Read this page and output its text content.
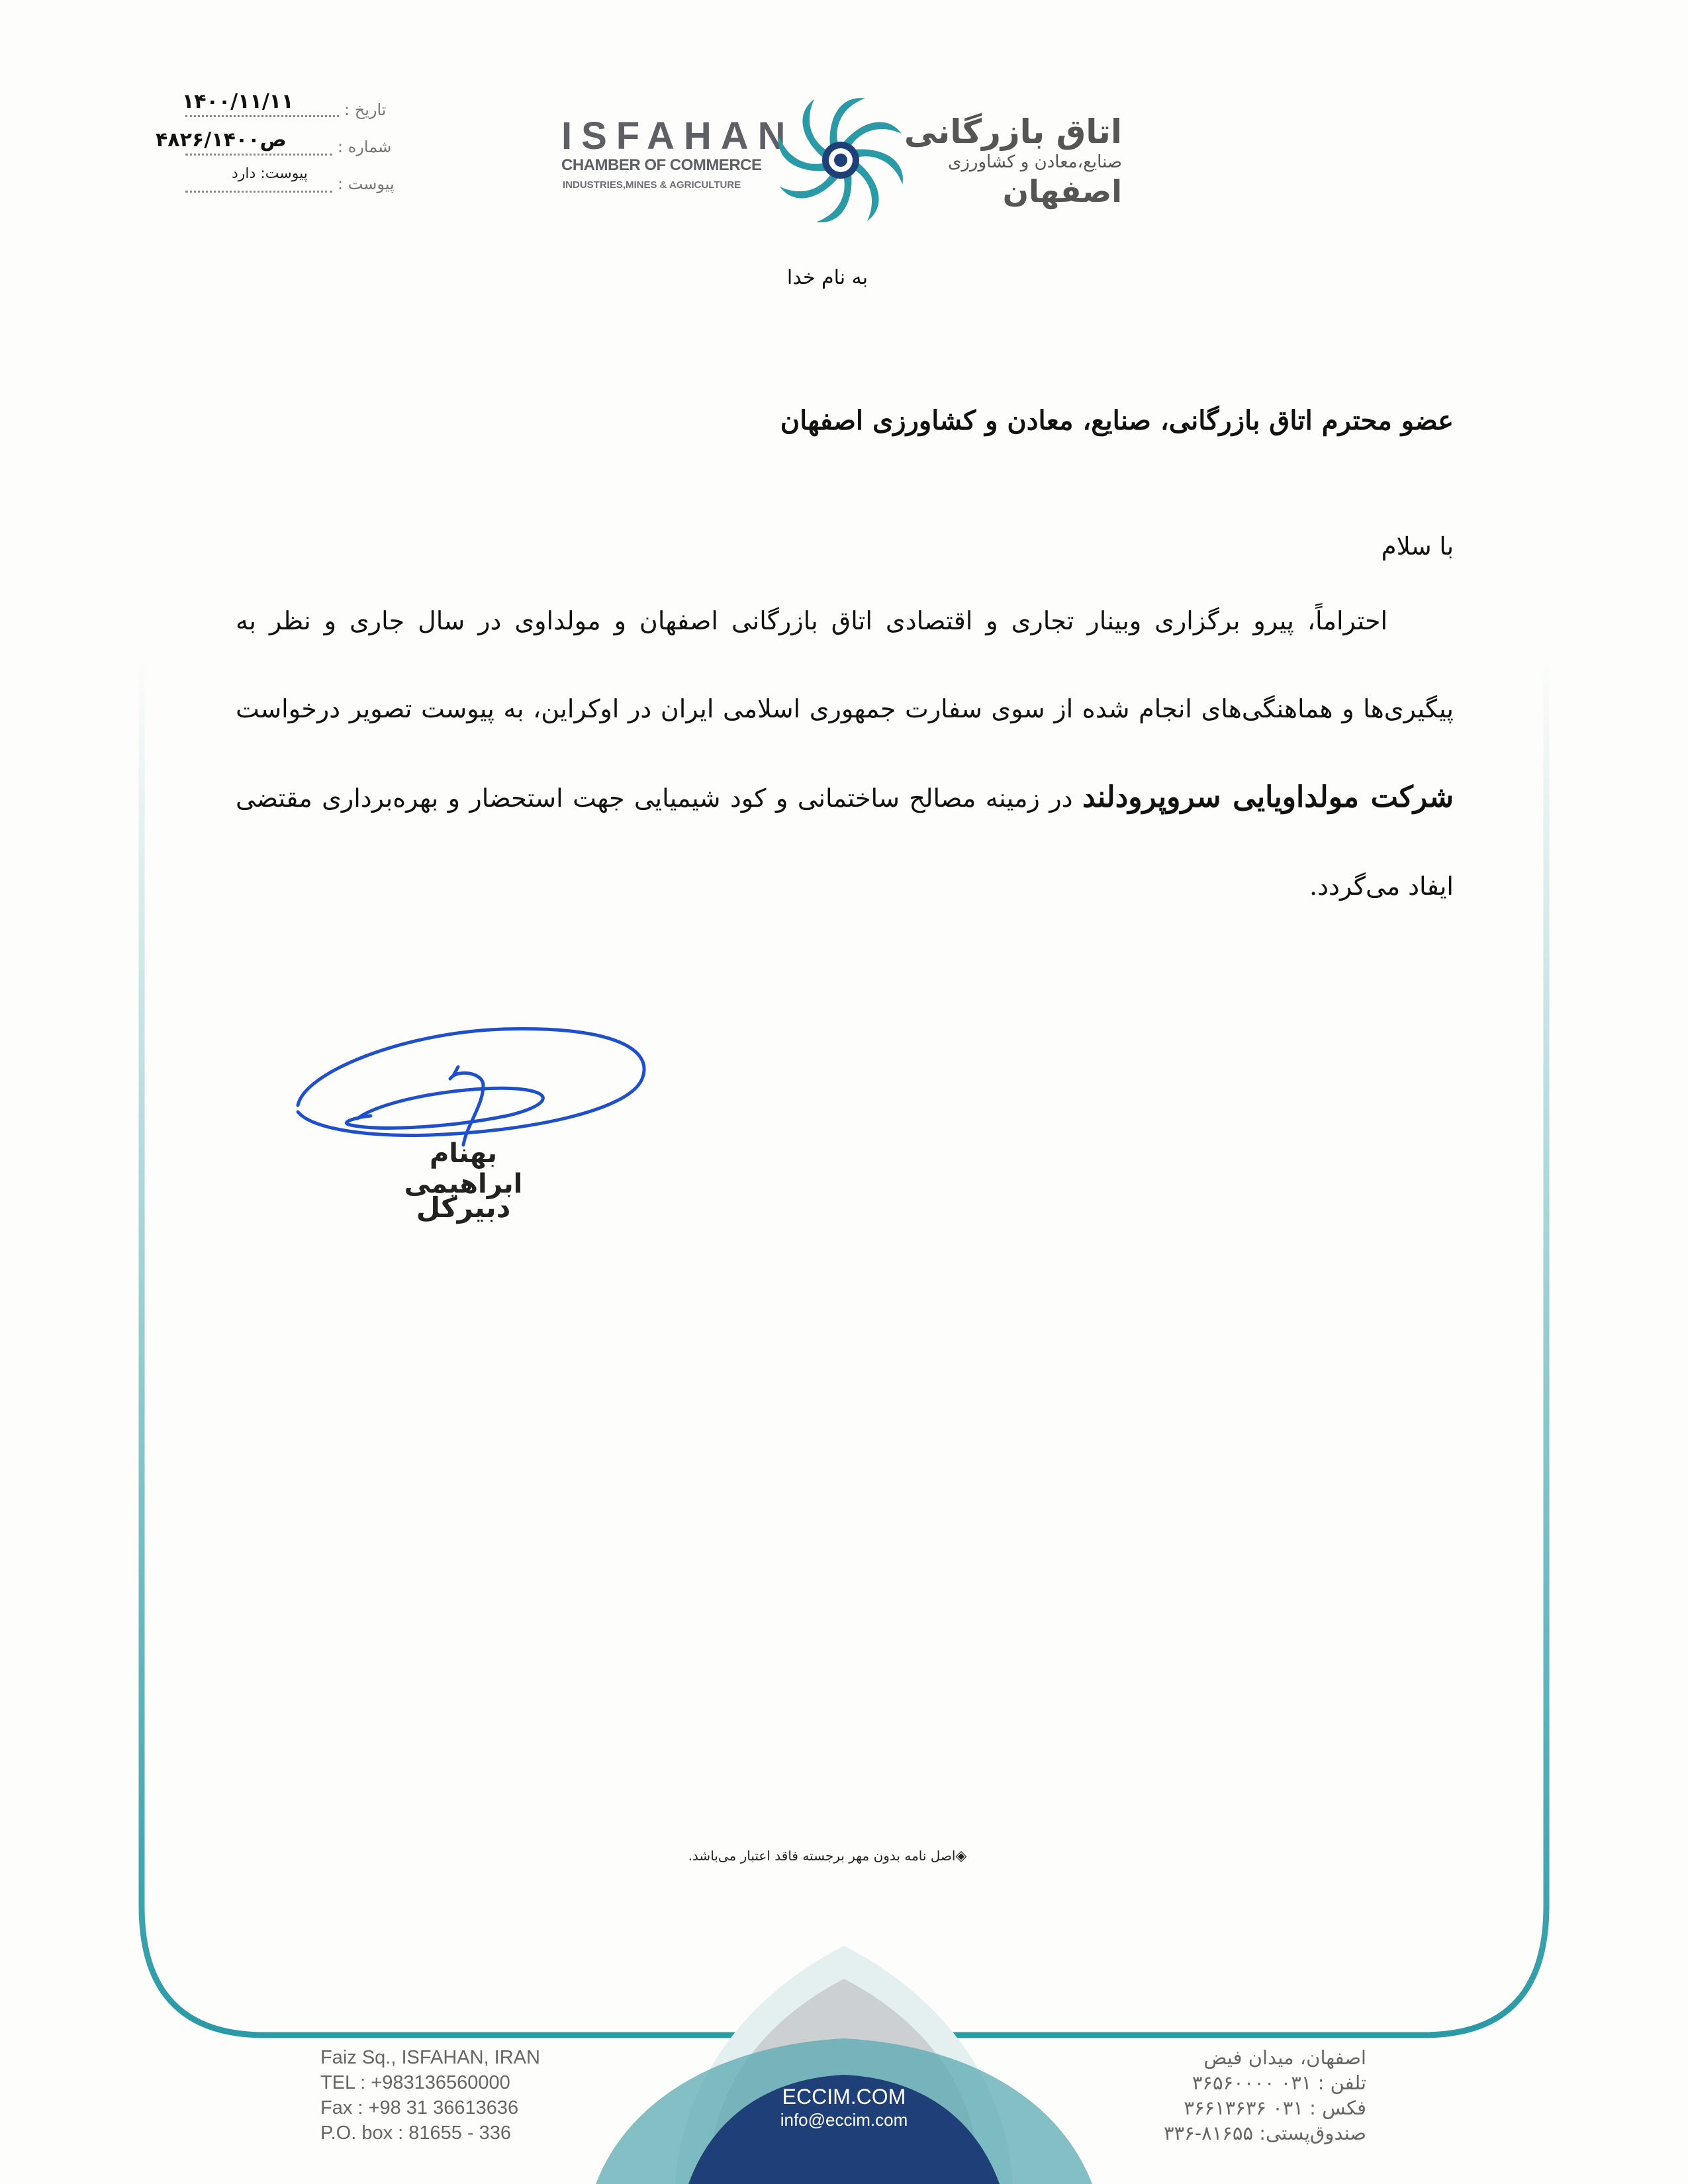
تاریخ :
۱۴۰۰/۱۱/۱۱
شماره :
۴۸۲۶/ص۱۴۰۰
پیوست :
پیوست: دارد
ISFAHAN
CHAMBER OF COMMERCE
INDUSTRIES,MINES & AGRICULTURE
اتاق بازرگانی
صنایع،معادن و کشاورزی
اصفهان
به نام خدا
عضو محترم اتاق بازرگانی، صنایع، معادن و کشاورزی اصفهان
با سلام
احتراماً، پیرو برگزاری وبینار تجاری و اقتصادی اتاق بازرگانی اصفهان و مولداوی در سال جاری و نظر به پیگیری‌ها و هماهنگی‌های انجام شده از سوی سفارت جمهوری اسلامی ایران در اوکراین، به پیوست تصویر درخواست شرکت مولداویایی سروپرودلند در زمینه مصالح ساختمانی و کود شیمیایی جهت استحضار و بهره‌برداری مقتضی ایفاد می‌گردد.
بهنام ابراهیمی
دبیرکل
◈اصل نامه بدون مهر برجسته فاقد اعتبار می‌باشد.
Faiz Sq., ISFAHAN, IRAN
TEL : +983136560000
Fax : +98 31 36613636
P.O. box : 81655 - 336
ECCIM.COM
info@eccim.com
اصفهان، میدان فیض
تلفن : ۰۳۱ ۳۶۵۶۰۰۰۰
فکس : ۰۳۱ ۳۶۶۱۳۶۳۶
صندوق‌پستی: ۸۱۶۵۵-۳۳۶
